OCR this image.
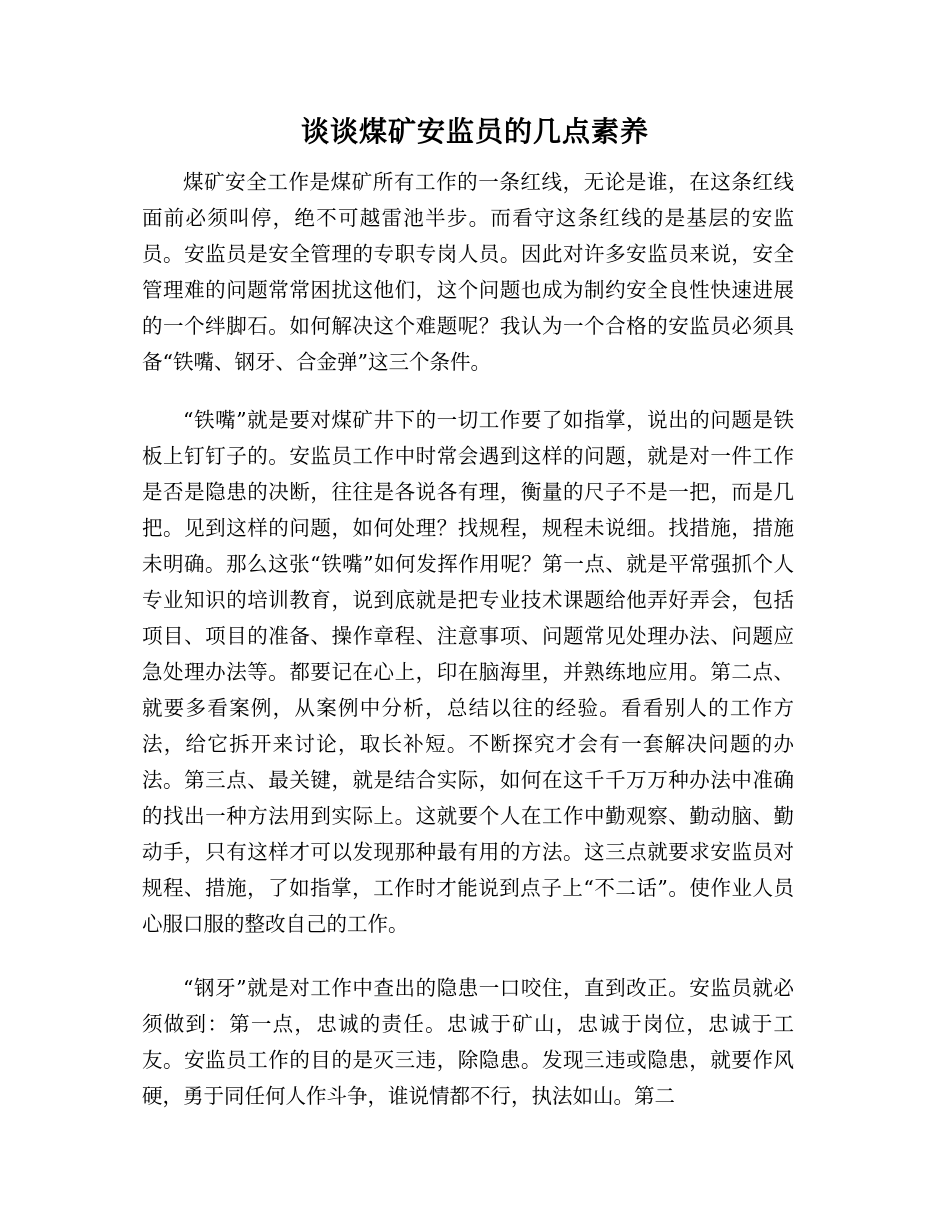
谈谈煤矿安监员的几点素养

煤矿安全工作是煤矿所有工作的一条红线，无论是谁，在这条红线面前必须叫停，绝不可越雷池半步。而看守这条红线的是基层的安监员。安监员是安全管理的专职专岗人员。因此对许多安监员来说，安全管理难的问题常常困扰这他们，这个问题也成为制约安全良性快速进展的一个绊脚石。如何解决这个难题呢？我认为一个合格的安监员必须具备“铁嘴、钢牙、合金弹”这三个条件。

“铁嘴”就是要对煤矿井下的一切工作要了如指掌，说出的问题是铁板上钉钉子的。安监员工作中时常会遇到这样的问题，就是对一件工作是否是隐患的决断，往往是各说各有理，衡量的尺子不是一把，而是几把。见到这样的问题，如何处理？找规程，规程未说细。找措施，措施未明确。那么这张“铁嘴”如何发挥作用呢？第一点、就是平常强抓个人专业知识的培训教育，说到底就是把专业技术课题给他弄好弄会，包括项目、项目的准备、操作章程、注意事项、问题常见处理办法、问题应急处理办法等。都要记在心上，印在脑海里，并熟练地应用。第二点、就要多看案例，从案例中分析，总结以往的经验。看看别人的工作方法，给它拆开来讨论，取长补短。不断探究才会有一套解决问题的办法。第三点、最关键，就是结合实际，如何在这千千万万种办法中准确的找出一种方法用到实际上。这就要个人在工作中勤观察、勤动脑、勤动手，只有这样才可以发现那种最有用的方法。这三点就要求安监员对规程、措施，了如指掌，工作时才能说到点子上“不二话”。使作业人员心服口服的整改自己的工作。

“钢牙”就是对工作中查出的隐患一口咬住，直到改正。安监员就必须做到：第一点，忠诚的责任。忠诚于矿山，忠诚于岗位，忠诚于工友。安监员工作的目的是灭三违，除隐患。发现三违或隐患，就要作风硬，勇于同任何人作斗争，谁说情都不行，执法如山。第二
